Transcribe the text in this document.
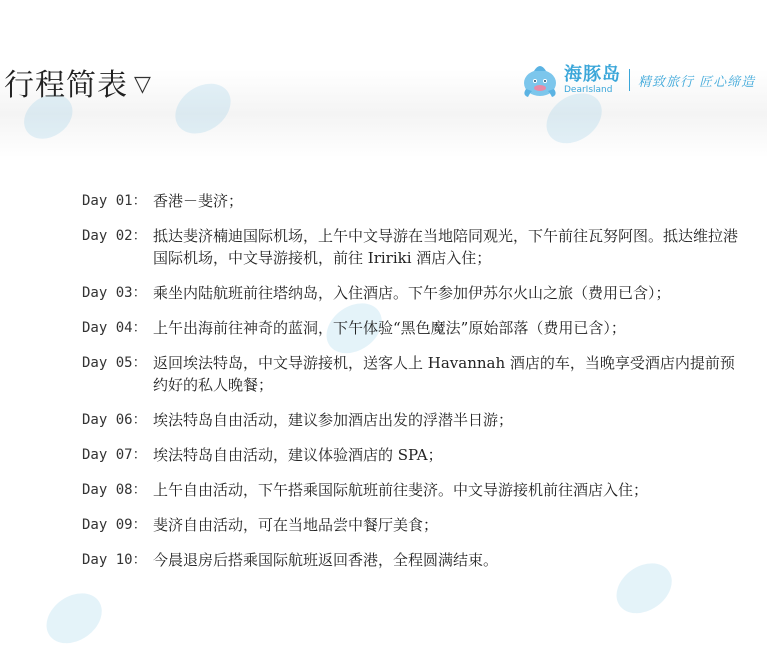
行程简表 ▽	海豚岛
DearIsland	精致旅行 匠心缔造
Day 01： 香港－斐济；
Day 02： 抵达斐济楠迪国际机场，上午中文导游在当地陪同观光，下午前往瓦努阿图。抵达维拉港国际机场，中文导游接机，前往 Iririki 酒店入住；
Day 03： 乘坐内陆航班前往塔纳岛，入住酒店。下午参加伊苏尔火山之旅（费用已含）；
Day 04： 上午出海前往神奇的蓝洞，下午体验“黑色魔法”原始部落（费用已含）；
Day 05： 返回埃法特岛，中文导游接机，送客人上 Havannah 酒店的车，当晚享受酒店内提前预约好的私人晚餐；
Day 06： 埃法特岛自由活动，建议参加酒店出发的浮潜半日游；
Day 07： 埃法特岛自由活动，建议体验酒店的 SPA；
Day 08： 上午自由活动，下午搭乘国际航班前往斐济。中文导游接机前往酒店入住；
Day 09： 斐济自由活动，可在当地品尝中餐厅美食；
Day 10： 今晨退房后搭乘国际航班返回香港，全程圆满结束。
